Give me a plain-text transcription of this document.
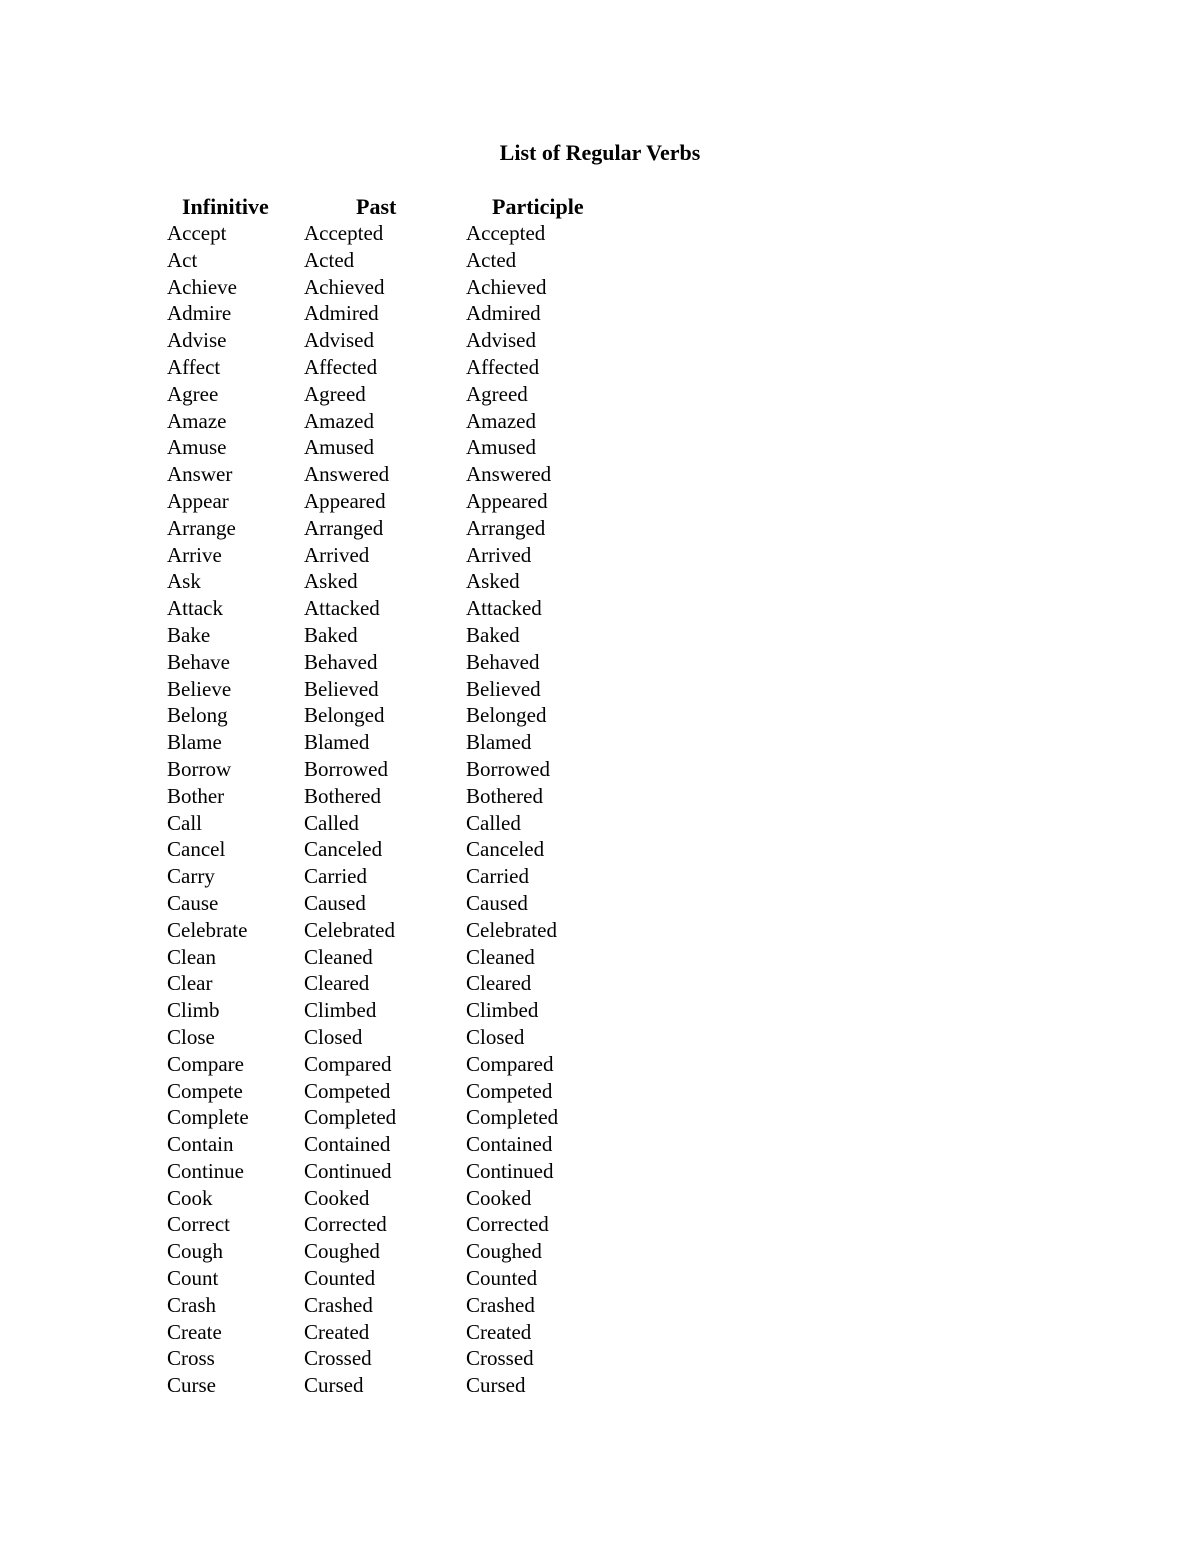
List of Regular Verbs
Infinitive	Past	Participle
Accept	Accepted	Accepted
Act	Acted	Acted
Achieve	Achieved	Achieved
Admire	Admired	Admired
Advise	Advised	Advised
Affect	Affected	Affected
Agree	Agreed	Agreed
Amaze	Amazed	Amazed
Amuse	Amused	Amused
Answer	Answered	Answered
Appear	Appeared	Appeared
Arrange	Arranged	Arranged
Arrive	Arrived	Arrived
Ask	Asked	Asked
Attack	Attacked	Attacked
Bake	Baked	Baked
Behave	Behaved	Behaved
Believe	Believed	Believed
Belong	Belonged	Belonged
Blame	Blamed	Blamed
Borrow	Borrowed	Borrowed
Bother	Bothered	Bothered
Call	Called	Called
Cancel	Canceled	Canceled
Carry	Carried	Carried
Cause	Caused	Caused
Celebrate	Celebrated	Celebrated
Clean	Cleaned	Cleaned
Clear	Cleared	Cleared
Climb	Climbed	Climbed
Close	Closed	Closed
Compare	Compared	Compared
Compete	Competed	Competed
Complete	Completed	Completed
Contain	Contained	Contained
Continue	Continued	Continued
Cook	Cooked	Cooked
Correct	Corrected	Corrected
Cough	Coughed	Coughed
Count	Counted	Counted
Crash	Crashed	Crashed
Create	Created	Created
Cross	Crossed	Crossed
Curse	Cursed	Cursed
